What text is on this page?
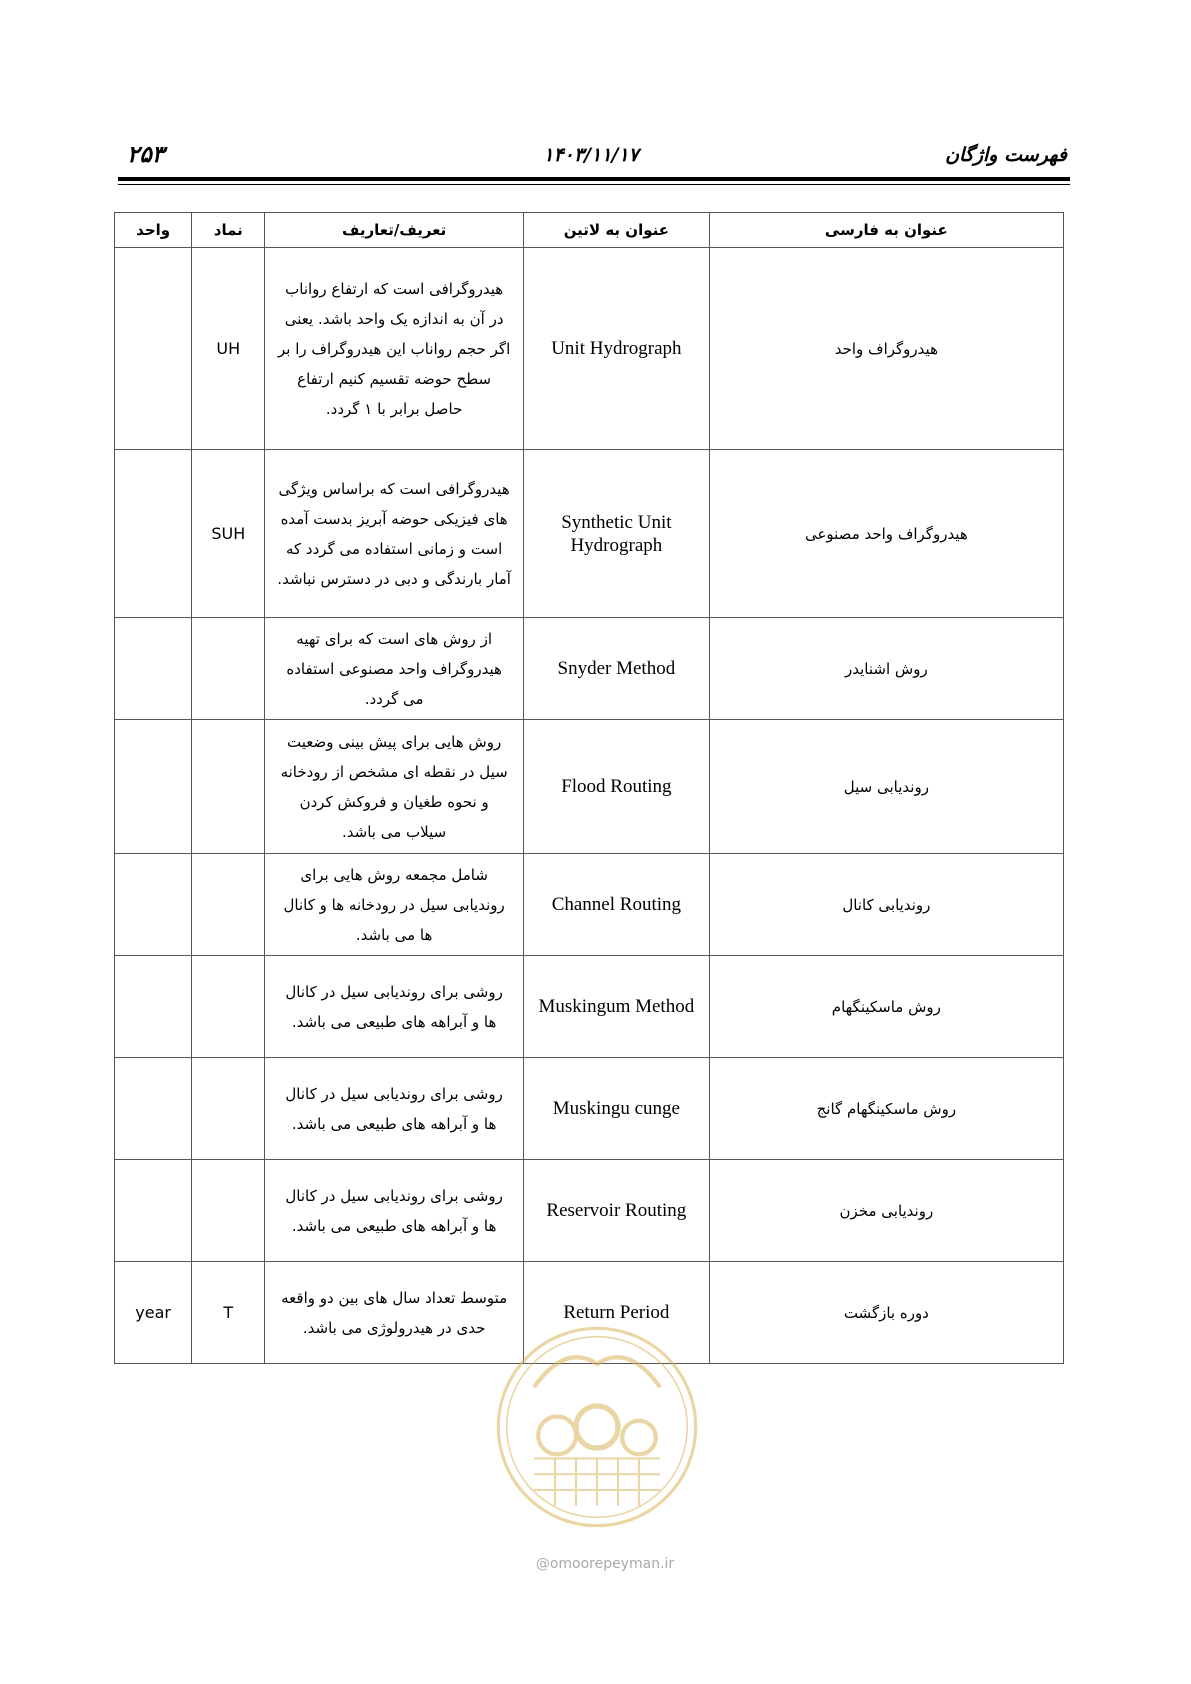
۲۵۳	۱۴۰۳/۱۱/۱۷	فهرست واژگان
واحد	نماد	تعریف/تعاریف	عنوان به لاتین	عنوان به فارسی
	UH	هیدروگرافی است که ارتفاع رواناب در آن به اندازه یک واحد باشد. یعنی اگر حجم رواناب این هیدروگراف را بر سطح حوضه تقسیم کنیم ارتفاع حاصل برابر با ۱ گردد.	Unit Hydrograph	هیدروگراف واحد
	SUH	هیدروگرافی است که براساس ویژگی های فیزیکی حوضه آبریز بدست آمده است و زمانی استفاده می گردد که آمار بارندگی و دبی در دسترس نباشد.	Synthetic Unit Hydrograph	هیدروگراف واحد مصنوعی
		از روش های است که برای تهیه هیدروگراف واحد مصنوعی استفاده می گردد.	Snyder Method	روش اشنایدر
		روش هایی برای پیش بینی وضعیت سیل در نقطه ای مشخص از رودخانه و نحوه طغیان و فروکش کردن سیلاب می باشد.	Flood Routing	روندیابی سیل
		شامل مجمعه روش هایی برای روندیابی سیل در رودخانه ها و کانال ها می باشد.	Channel Routing	روندیابی کانال
		روشی برای روندیابی سیل در کانال ها و آبراهه های طبیعی می باشد.	Muskingum Method	روش ماسکینگهام
		روشی برای روندیابی سیل در کانال ها و آبراهه های طبیعی می باشد.	Muskingu cunge	روش ماسکینگهام گانج
		روشی برای روندیابی سیل در کانال ها و آبراهه های طبیعی می باشد.	Reservoir Routing	روندیابی مخزن
year	T	متوسط تعداد سال های بین دو واقعه حدی در هیدرولوژی می باشد.	Return Period	دوره بازگشت
@omoorepeyman.ir
